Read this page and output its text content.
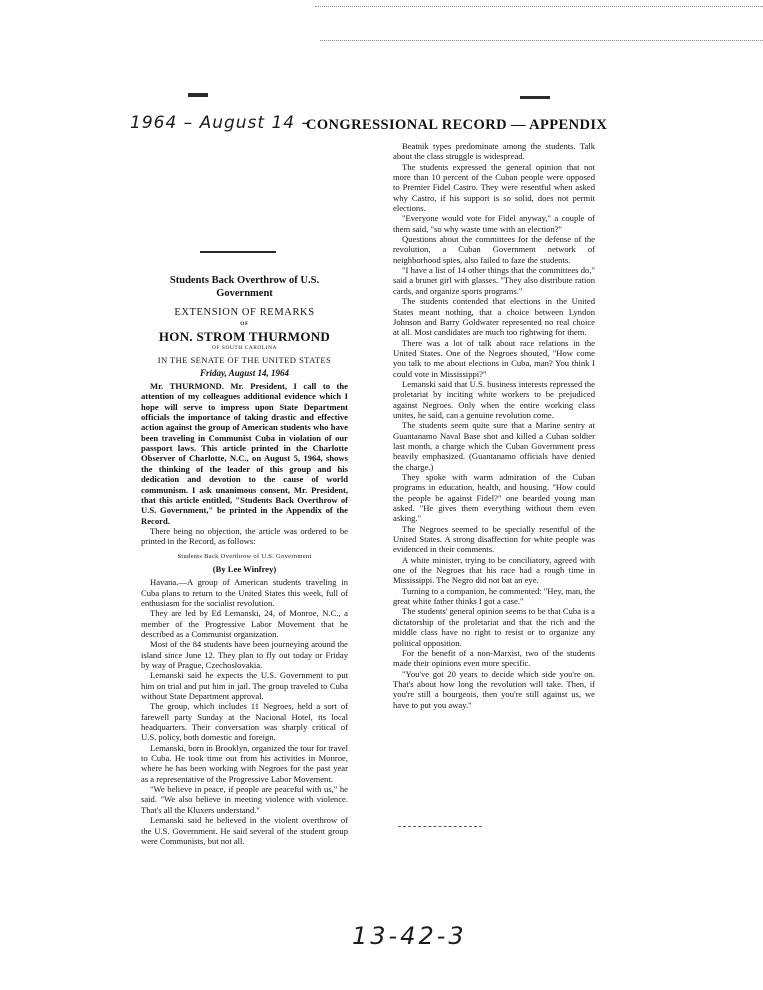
1964 – August 14 –
CONGRESSIONAL RECORD — APPENDIX
Students Back Overthrow of U.S. Government
EXTENSION OF REMARKS
OF
HON. STROM THURMOND
OF SOUTH CAROLINA
IN THE SENATE OF THE UNITED STATES
Friday, August 14, 1964

Mr. THURMOND. Mr. President, I call to the attention of my colleagues additional evidence which I hope will serve to impress upon State Department officials the importance of taking drastic and effective action against the group of American students who have been traveling in Communist Cuba in violation of our passport laws. This article printed in the Charlotte Observer of Charlotte, N.C., on August 5, 1964, shows the thinking of the leader of this group and his dedication and devotion to the cause of world communism. I ask unanimous consent, Mr. President, that this article entitled, "Students Back Overthrow of U.S. Government," be printed in the Appendix of the Record.

There being no objection, the article was ordered to be printed in the Record, as follows:

Students Back Overthrow of U.S. Government
(By Lee Winfrey)

Havana.—A group of American students traveling in Cuba plans to return to the United States this week, full of enthusiasm for the socialist revolution.

They are led by Ed Lemanski, 24, of Monroe, N.C., a member of the Progressive Labor Movement that he described as a Communist organization.

Most of the 84 students have been journeying around the island since June 12. They plan to fly out today or Friday by way of Prague, Czechoslovakia.

Lemanski said he expects the U.S. Government to put him on trial and put him in jail. The group traveled to Cuba without State Department approval.

The group, which includes 11 Negroes, held a sort of farewell party Sunday at the Nacional Hotel, its local headquarters. Their conversation was sharply critical of U.S. policy, both domestic and foreign.

Lemanski, born in Brooklyn, organized the tour for travel to Cuba. He took time out from his activities in Monroe, where he has been working with Negroes for the past year as a representative of the Progressive Labor Movement.

"We believe in peace, if people are peaceful with us," he said. "We also believe in meeting violence with violence. That's all the Kluxers understand."

Lemanski said he believed in the violent overthrow of the U.S. Government. He said several of the student group were Communists, but not all.

Beatnik types predominate among the students. Talk about the class struggle is widespread.

The students expressed the general opinion that not more than 10 percent of the Cuban people were opposed to Premier Fidel Castro. They were resentful when asked why Castro, if his support is so solid, does not permit elections.

"Everyone would vote for Fidel anyway," a couple of them said, "so why waste time with an election?"

Questions about the committees for the defense of the revolution, a Cuban Government network of neighborhood spies, also failed to faze the students.

"I have a list of 14 other things that the committees do," said a brunet girl with glasses. "They also distribute ration cards, and organize sports programs."

The students contended that elections in the United States meant nothing, that a choice between Lyndon Johnson and Barry Goldwater represented no real choice at all. Most candidates are much too rightwing for them.

There was a lot of talk about race relations in the United States. One of the Negroes shouted, "How come you talk to me about elections in Cuba, man? You think I could vote in Mississippi?"

Lemanski said that U.S. business interests repressed the proletariat by inciting white workers to be prejudiced against Negroes. Only when the entire working class unites, he said, can a genuine revolution come.

The students seem quite sure that a Marine sentry at Guantanamo Naval Base shot and killed a Cuban soldier last month, a charge which the Cuban Government press heavily emphasized. (Guantanamo officials have denied the charge.)

They spoke with warm admiration of the Cuban programs in education, health, and housing. "How could the people be against Fidel?" one bearded young man asked. "He gives them everything without them even asking."

The Negroes seemed to be specially resentful of the United States. A strong disaffection for white people was evidenced in their comments.

A white minister, trying to be conciliatory, agreed with one of the Negroes that his race had a rough time in Mississippi. The Negro did not bat an eye.

Turning to a companion, he commented: "Hey, man, the great white father thinks I got a case."

The students' general opinion seems to be that Cuba is a dictatorship of the proletariat and that the rich and the middle class have no right to resist or to organize any political opposition.

For the benefit of a non-Marxist, two of the students made their opinions even more specific.

"You've got 20 years to decide which side you're on. That's about how long the revolution will take. Then, if you're still a bourgeois, then you're still against us, we have to put you away."

13-42-3
